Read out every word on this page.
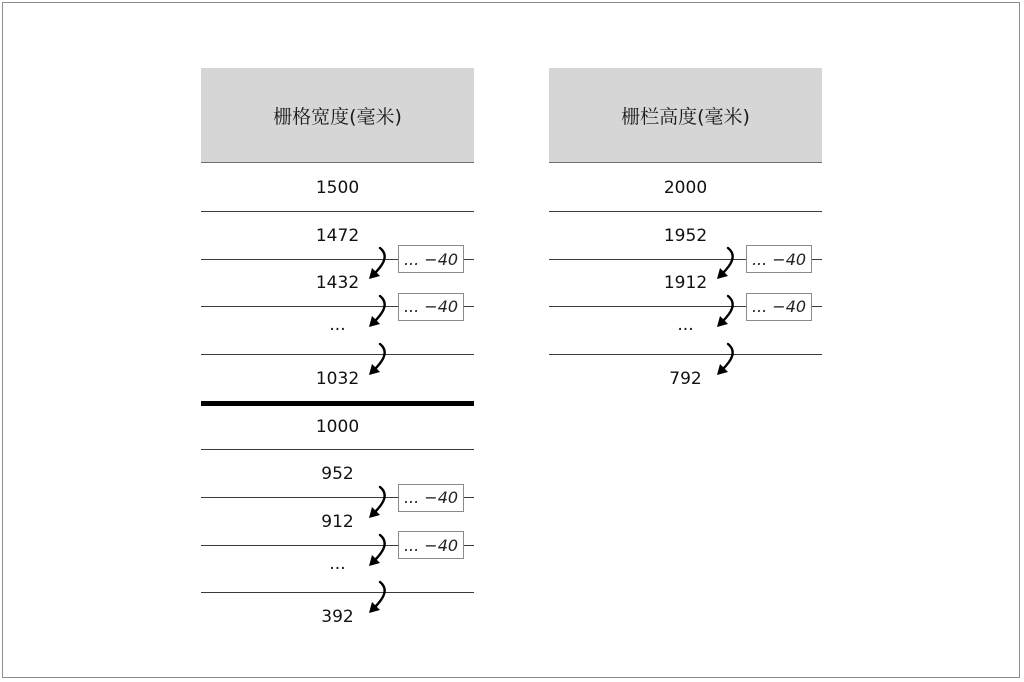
栅格宽度(毫米)
1500
1472
1432
...
1032
... −40
... −40
1000
952
912
...
392
... −40
... −40
栅栏高度(毫米)
2000
1952
1912
...
792
... −40
... −40
